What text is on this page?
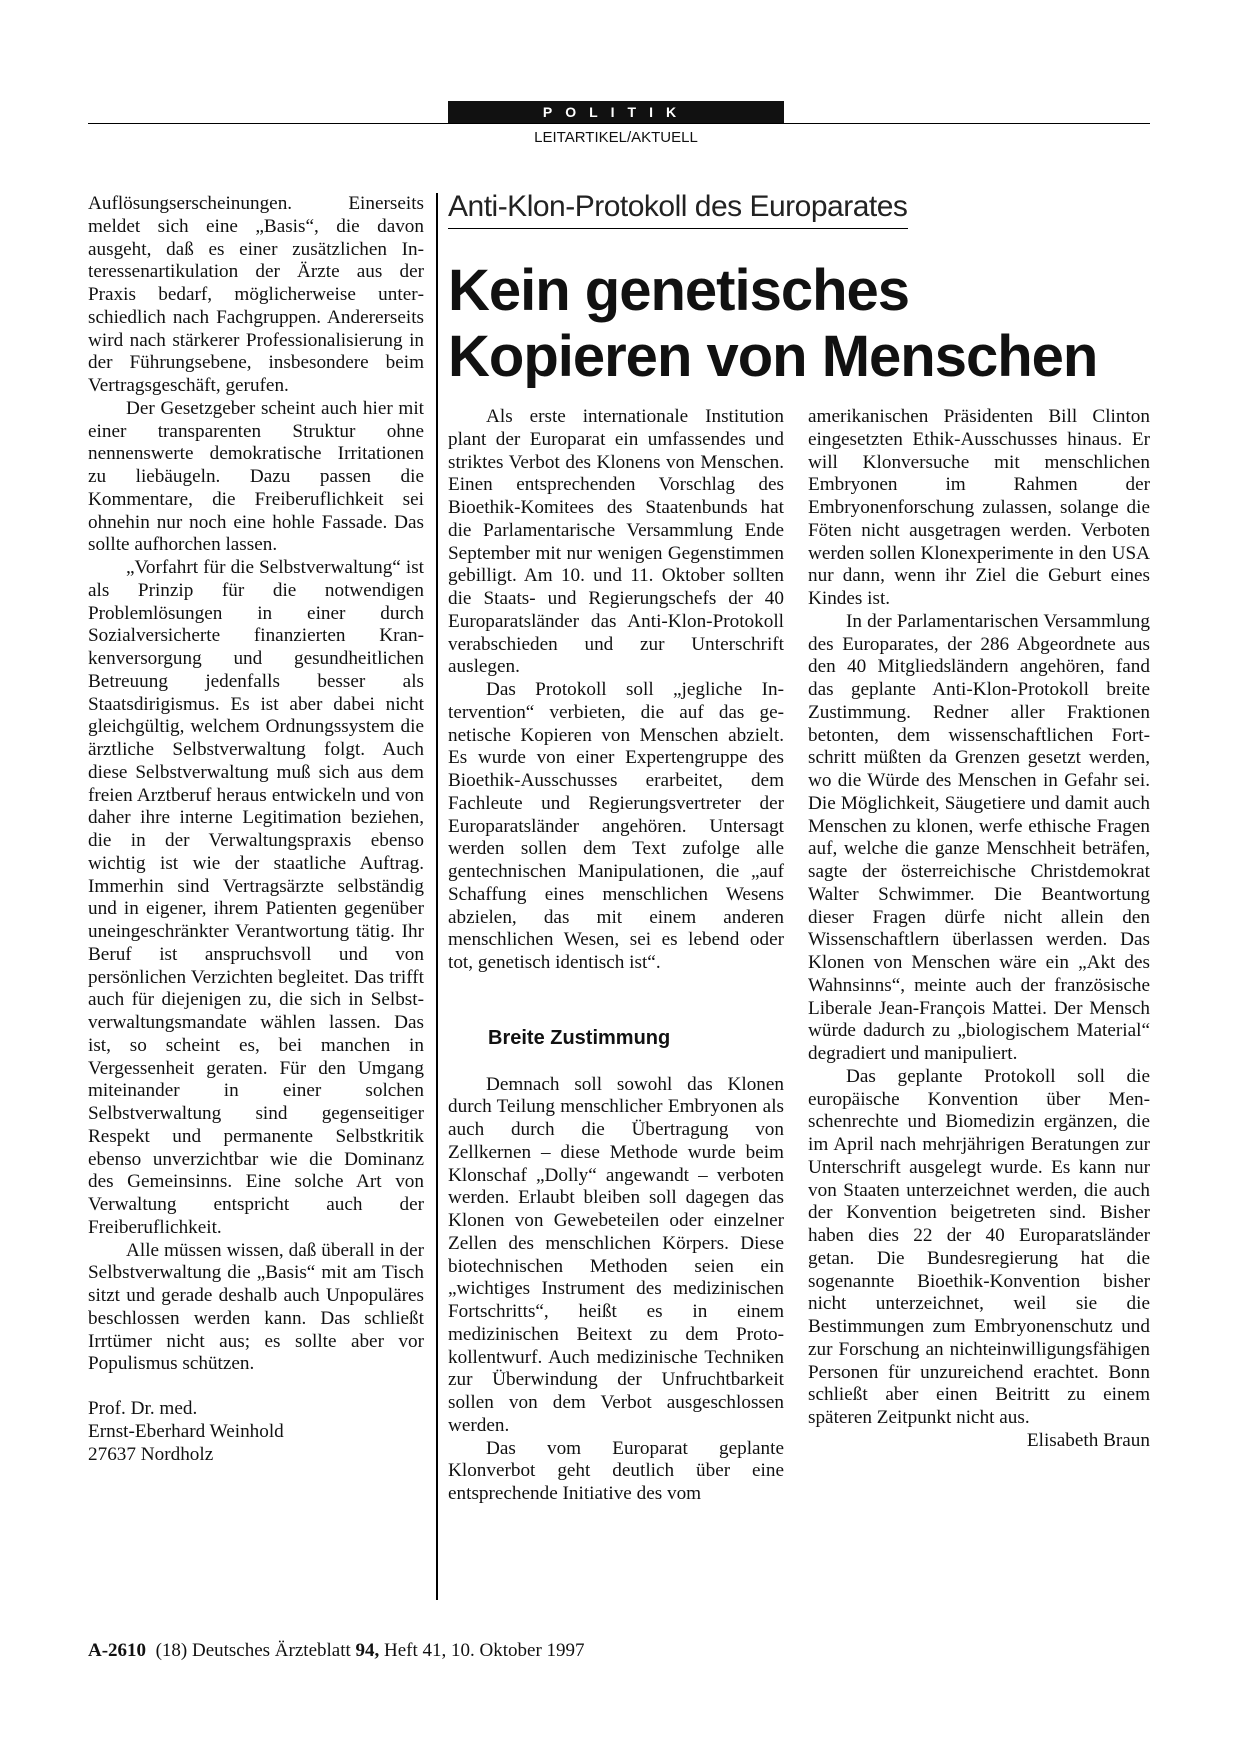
POLITIK
LEITARTIKEL/AKTUELL

Auflösungserscheinungen. Einerseits meldet sich eine „Basis“, die davon ausgeht, daß es einer zusätzlichen Interessenartikulation der Ärzte aus der Praxis bedarf, möglicherweise unterschiedlich nach Fachgruppen. Andererseits wird nach stärkerer Professionalisierung in der Führungsebene, insbesondere beim Vertragsgeschäft, gerufen.

Der Gesetzgeber scheint auch hier mit einer transparenten Struktur ohne nennenswerte demokratische Irritationen zu liebäugeln. Dazu passen die Kommentare, die Freiberuflichkeit sei ohnehin nur noch eine hohle Fassade. Das sollte aufhorchen lassen.

„Vorfahrt für die Selbstverwaltung“ ist als Prinzip für die notwendigen Problemlösungen in einer durch Sozialversicherte finanzierten Krankenversorgung und gesundheitlichen Betreuung jedenfalls besser als Staatsdirigismus. Es ist aber dabei nicht gleichgültig, welchem Ordnungssystem die ärztliche Selbstverwaltung folgt. Auch diese Selbstverwaltung muß sich aus dem freien Arztberuf heraus entwickeln und von daher ihre interne Legitimation beziehen, die in der Verwaltungspraxis ebenso wichtig ist wie der staatliche Auftrag. Immerhin sind Vertragsärzte selbständig und in eigener, ihrem Patienten gegenüber uneingeschränkter Verantwortung tätig. Ihr Beruf ist anspruchsvoll und von persönlichen Verzichten begleitet. Das trifft auch für diejenigen zu, die sich in Selbstverwaltungsmandate wählen lassen. Das ist, so scheint es, bei manchen in Vergessenheit geraten. Für den Umgang miteinander in einer solchen Selbstverwaltung sind gegenseitiger Respekt und permanente Selbstkritik ebenso unverzichtbar wie die Dominanz des Gemeinsinns. Eine solche Art von Verwaltung entspricht auch der Freiberuflichkeit.

Alle müssen wissen, daß überall in der Selbstverwaltung die „Basis“ mit am Tisch sitzt und gerade deshalb auch Unpopuläres beschlossen werden kann. Das schließt Irrtümer nicht aus; es sollte aber vor Populismus schützen.

Prof. Dr. med.
Ernst-Eberhard Weinhold
27637 Nordholz
Anti-Klon-Protokoll des Europarates
Kein genetisches
Kopieren von Menschen

Als erste internationale Institution plant der Europarat ein umfassendes und striktes Verbot des Klonens von Menschen. Einen entsprechenden Vorschlag des Bioethik-Komitees des Staatenbunds hat die Parlamentarische Versammlung Ende September mit nur wenigen Gegenstimmen gebilligt. Am 10. und 11. Oktober sollten die Staats- und Regierungschefs der 40 Europaratsländer das Anti-Klon-Protokoll verabschieden und zur Unterschrift auslegen.

Das Protokoll soll „jegliche Intervention“ verbieten, die auf das genetische Kopieren von Menschen abzielt. Es wurde von einer Expertengruppe des Bioethik-Ausschusses erarbeitet, dem Fachleute und Regierungsvertreter der Europaratsländer angehören. Untersagt werden sollen dem Text zufolge alle gentechnischen Manipulationen, die „auf Schaffung eines menschlichen Wesens abzielen, das mit einem anderen menschlichen Wesen, sei es lebend oder tot, genetisch identisch ist“.

Breite Zustimmung

Demnach soll sowohl das Klonen durch Teilung menschlicher Embryonen als auch durch die Übertragung von Zellkernen – diese Methode wurde beim Klonschaf „Dolly“ angewandt – verboten werden. Erlaubt bleiben soll dagegen das Klonen von Gewebeteilen oder einzelner Zellen des menschlichen Körpers. Diese biotechnischen Methoden seien ein „wichtiges Instrument des medizinischen Fortschritts“, heißt es in einem medizinischen Beitext zu dem Protokollentwurf. Auch medizinische Techniken zur Überwindung der Unfruchtbarkeit sollen von dem Verbot ausgeschlossen werden.

Das vom Europarat geplante Klonverbot geht deutlich über eine entsprechende Initiative des vom

amerikanischen Präsidenten Bill Clinton eingesetzten Ethik-Ausschusses hinaus. Er will Klonversuche mit menschlichen Embryonen im Rahmen der Embryonenforschung zulassen, solange die Föten nicht ausgetragen werden. Verboten werden sollen Klonexperimente in den USA nur dann, wenn ihr Ziel die Geburt eines Kindes ist.

In der Parlamentarischen Versammlung des Europarates, der 286 Abgeordnete aus den 40 Mitgliedsländern angehören, fand das geplante Anti-Klon-Protokoll breite Zustimmung. Redner aller Fraktionen betonten, dem wissenschaftlichen Fortschritt müßten da Grenzen gesetzt werden, wo die Würde des Menschen in Gefahr sei. Die Möglichkeit, Säugetiere und damit auch Menschen zu klonen, werfe ethische Fragen auf, welche die ganze Menschheit beträfen, sagte der österreichische Christdemokrat Walter Schwimmer. Die Beantwortung dieser Fragen dürfe nicht allein den Wissenschaftlern überlassen werden. Das Klonen von Menschen wäre ein „Akt des Wahnsinns“, meinte auch der französische Liberale Jean-François Mattei. Der Mensch würde dadurch zu „biologischem Material“ degradiert und manipuliert.

Das geplante Protokoll soll die europäische Konvention über Menschenrechte und Biomedizin ergänzen, die im April nach mehrjährigen Beratungen zur Unterschrift ausgelegt wurde. Es kann nur von Staaten unterzeichnet werden, die auch der Konvention beigetreten sind. Bisher haben dies 22 der 40 Europaratsländer getan. Die Bundesregierung hat die sogenannte Bioethik-Konvention bisher nicht unterzeichnet, weil sie die Bestimmungen zum Embryonenschutz und zur Forschung an nichteinwilligungsfähigen Personen für unzureichend erachtet. Bonn schließt aber einen Beitritt zu einem späteren Zeitpunkt nicht aus.

Elisabeth Braun
A-2610 (18) Deutsches Ärzteblatt 94, Heft 41, 10. Oktober 1997
